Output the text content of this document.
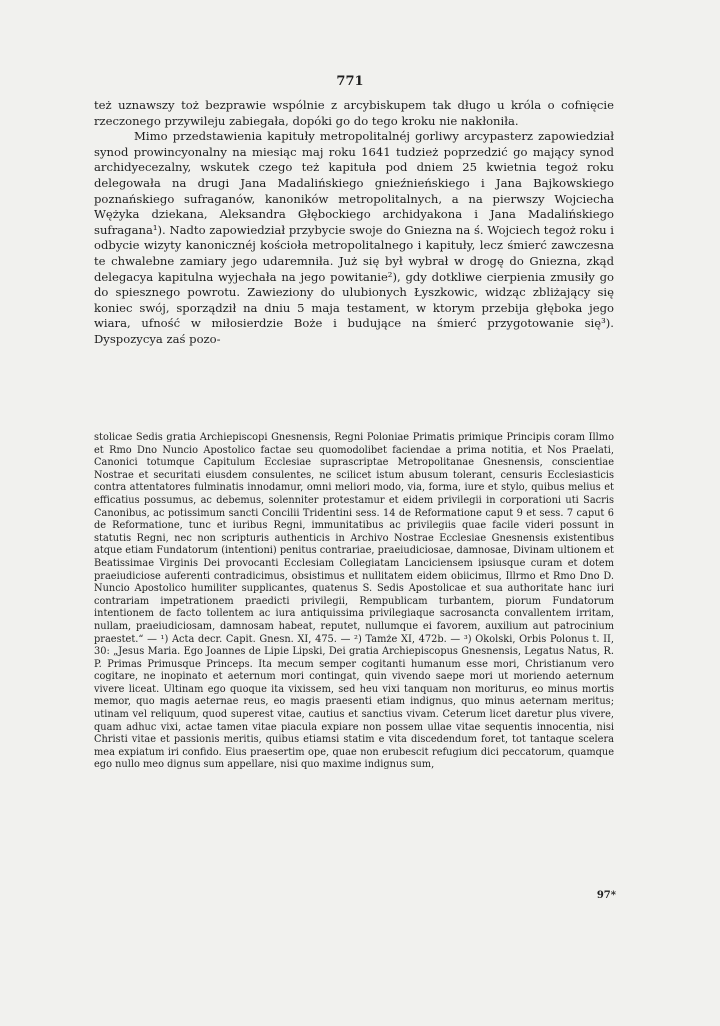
771

też uznawszy toż bezprawie wspólnie z arcybiskupem tak długo u króla o cofnięcie rzeczonego przywileju zabiegała, dopóki go do tego kroku nie nakłoniła.

Mimo przedstawienia kapituły metropolitalnéj gorliwy arcypasterz zapowiedział synod prowincyonalny na miesiąc maj roku 1641 tudzież poprzedzić go mający synod archidyecezalny, wskutek czego też kapituła pod dniem 25 kwietnia tegoż roku delegowała na drugi Jana Madalińskiego gnieźnieńskiego i Jana Bajkowskiego poznańskiego sufraganów, kanoników metropolitalnych, a na pierwszy Wojciecha Wężyka dziekana, Aleksandra Głębockiego archidyakona i Jana Madalińskiego sufragana¹). Nadto zapowiedział przybycie swoje do Gniezna na ś. Wojciech tegoż roku i odbycie wizyty kanonicznéj kościoła metropolitalnego i kapituły, lecz śmierć zawczesna te chwalebne zamiary jego udaremniła. Już się był wybrał w drogę do Gniezna, zkąd delegacya kapitulna wyjechała na jego powitanie²), gdy dotkliwe cierpienia zmusiły go do spiesznego powrotu. Zawieziony do ulubionych Łyszkowic, widząc zbliżający się koniec swój, sporządził na dniu 5 maja testament, w ktorym przebija głęboka jego wiara, ufność w miłosierdzie Boże i budujące na śmierć przygotowanie się³). Dyspozycya zaś pozo-

stolicae Sedis gratia Archiepiscopi Gnesnensis, Regni Poloniae Primatis primique Principis coram Illmo et Rmo Dno Nuncio Apostolico factae seu quomodolibet faciendae a prima notitia, et Nos Praelati, Canonici totumque Capitulum Ecclesiae suprascriptae Metropolitanae Gnesnensis, conscientiae Nostrae et securitati eiusdem consulentes, ne scilicet istum abusum tolerant, censuris Ecclesiasticis contra attentatores fulminatis innodamur, omni meliori modo, via, forma, iure et stylo, quibus melius et efficatius possumus, ac debemus, solenniter protestamur et eidem privilegii in corporationi uti Sacris Canonibus, ac potissimum sancti Concilii Tridentini sess. 14 de Reformatione caput 9 et sess. 7 caput 6 de Reformatione, tunc et iuribus Regni, immunitatibus ac privilegiis quae facile videri possunt in statutis Regni, nec non scripturis authenticis in Archivo Nostrae Ecclesiae Gnesnensis existentibus atque etiam Fundatorum (intentioni) penitus contrariae, praeiudiciosae, damnosae, Divinam ultionem et Beatissimae Virginis Dei provocanti Ecclesiam Collegiatam Lanciciensem ipsiusque curam et dotem praeiudiciose auferenti contradicimus, obsistimus et nullitatem eidem obiicimus, Illrmo et Rmo Dno D. Nuncio Apostolico humiliter supplicantes, quatenus S. Sedis Apostolicae et sua authoritate hanc iuri contrariam impetrationem praedicti privilegii, Rempublicam turbantem, piorum Fundatorum intentionem de facto tollentem ac iura antiquissima privilegiaque sacrosancta convallentem irritam, nullam, praeiudiciosam, damnosam habeat, reputet, nullumque ei favorem, auxilium aut patrocinium praestet.“ — ¹) Acta decr. Capit. Gnesn. XI, 475. — ²) Tamże XI, 472b. — ³) Okolski, Orbis Polonus t. II, 30: „Jesus Maria. Ego Joannes de Lipie Lipski, Dei gratia Archiepiscopus Gnesnensis, Legatus Natus, R. P. Primas Primusque Princeps. Ita mecum semper cogitanti humanum esse mori, Christianum vero cogitare, ne inopinato et aeternum mori contingat, quin vivendo saepe mori ut moriendo aeternum vivere liceat. Ultinam ego quoque ita vixissem, sed heu vixi tanquam non moriturus, eo minus mortis memor, quo magis aeternae reus, eo magis praesenti etiam indignus, quo minus aeternam meritus; utinam vel reliquum, quod superest vitae, cautius et sanctius vivam. Ceterum licet daretur plus vivere, quam adhuc vixi, actae tamen vitae piacula expiare non possem ullae vitae sequentis innocentia, nisi Christi vitae et passionis meritis, quibus etiamsi statim e vita discedendum foret, tot tantaque scelera mea expiatum iri confido. Eius praesertim ope, quae non erubescit refugium dici peccatorum, quamque ego nullo meo dignus sum appellare, nisi quo maxime indignus sum,

97*
